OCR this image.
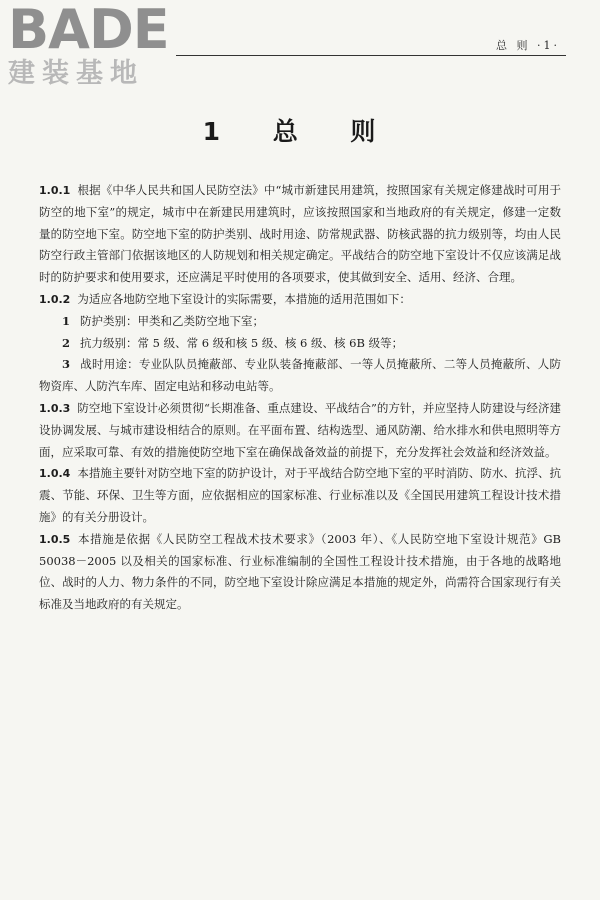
BADE
建装基地
总 则 ·1·
1 总 则

1.0.1 根据《中华人民共和国人民防空法》中“城市新建民用建筑，按照国家有关规定修建战时可用于防空的地下室”的规定，城市中在新建民用建筑时，应该按照国家和当地政府的有关规定，修建一定数量的防空地下室。防空地下室的防护类别、战时用途、防常规武器、防核武器的抗力级别等，均由人民防空行政主管部门依据该地区的人防规划和相关规定确定。平战结合的防空地下室设计不仅应该满足战时的防护要求和使用要求，还应满足平时使用的各项要求，使其做到安全、适用、经济、合理。

1.0.2 为适应各地防空地下室设计的实际需要，本措施的适用范围如下：

1 防护类别：甲类和乙类防空地下室；

2 抗力级别：常 5 级、常 6 级和核 5 级、核 6 级、核 6B 级等；

3 战时用途：专业队队员掩蔽部、专业队装备掩蔽部、一等人员掩蔽所、二等人员掩蔽所、人防物资库、人防汽车库、固定电站和移动电站等。

1.0.3 防空地下室设计必须贯彻“长期准备、重点建设、平战结合”的方针，并应坚持人防建设与经济建设协调发展、与城市建设相结合的原则。在平面布置、结构选型、通风防潮、给水排水和供电照明等方面，应采取可靠、有效的措施使防空地下室在确保战备效益的前提下，充分发挥社会效益和经济效益。

1.0.4 本措施主要针对防空地下室的防护设计，对于平战结合防空地下室的平时消防、防水、抗浮、抗震、节能、环保、卫生等方面，应依据相应的国家标准、行业标准以及《全国民用建筑工程设计技术措施》的有关分册设计。

1.0.5 本措施是依据《人民防空工程战术技术要求》（2003 年）、《人民防空地下室设计规范》GB 50038－2005 以及相关的国家标准、行业标准编制的全国性工程设计技术措施，由于各地的战略地位、战时的人力、物力条件的不同，防空地下室设计除应满足本措施的规定外，尚需符合国家现行有关标准及当地政府的有关规定。
